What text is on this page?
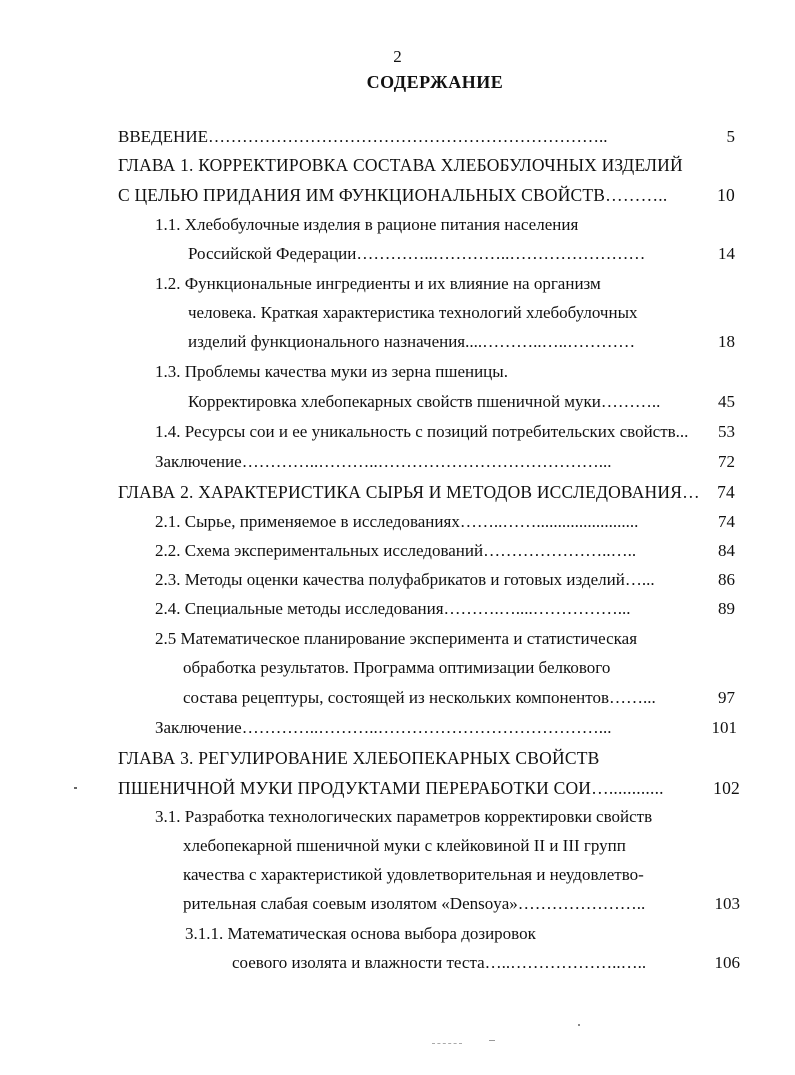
2
СОДЕРЖАНИЕ
ВВЕДЕНИЕ……………………………………………………………..	5
ГЛАВА 1. КОРРЕКТИРОВКА СОСТАВА ХЛЕБОБУЛОЧНЫХ ИЗДЕЛИЙ
С ЦЕЛЬЮ ПРИДАНИЯ ИМ ФУНКЦИОНАЛЬНЫХ СВОЙСТВ………..	10
1.1. Хлебобулочные изделия в рационе питания населения
Российской Федерации…………..…………..……………………	14
1.2. Функциональные ингредиенты и их влияние на организм
человека. Краткая характеристика технологий хлебобулочных
изделий функционального назначения....………..…..…………	18
1.3. Проблемы качества муки из зерна пшеницы.
Корректировка хлебопекарных свойств пшеничной муки………..	45
1.4. Ресурсы сои и ее уникальность с позиций потребительских свойств...	53
Заключение…………..………..…………………………………...	72
ГЛАВА 2. ХАРАКТЕРИСТИКА СЫРЬЯ И МЕТОДОВ ИССЛЕДОВАНИЯ… 74
2.1. Сырье, применяемое в исследованиях……..……........................	74
2.2. Схема экспериментальных исследований…………………..…..	84
2.3. Методы оценки качества полуфабрикатов и готовых изделий…...	86
2.4. Специальные методы исследования……….…....……………...	89
2.5 Математическое планирование эксперимента и статистическая
обработка результатов. Программа оптимизации белкового
состава рецептуры, состоящей из нескольких компонентов……...	97
Заключение…………..………..…………………………………...	101
ГЛАВА 3. РЕГУЛИРОВАНИЕ ХЛЕБОПЕКАРНЫХ СВОЙСТВ
ПШЕНИЧНОЙ МУКИ ПРОДУКТАМИ ПЕРЕРАБОТКИ СОИ…............	102
3.1. Разработка технологических параметров корректировки свойств
хлебопекарной пшеничной муки с клейковиной II и III групп
качества с характеристикой удовлетворительная и неудовлетво-
рительная слабая соевым изолятом «Densoya»…………………..	103
3.1.1. Математическая основа выбора дозировок
соевого изолята и влажности теста…..………………..…..	106
